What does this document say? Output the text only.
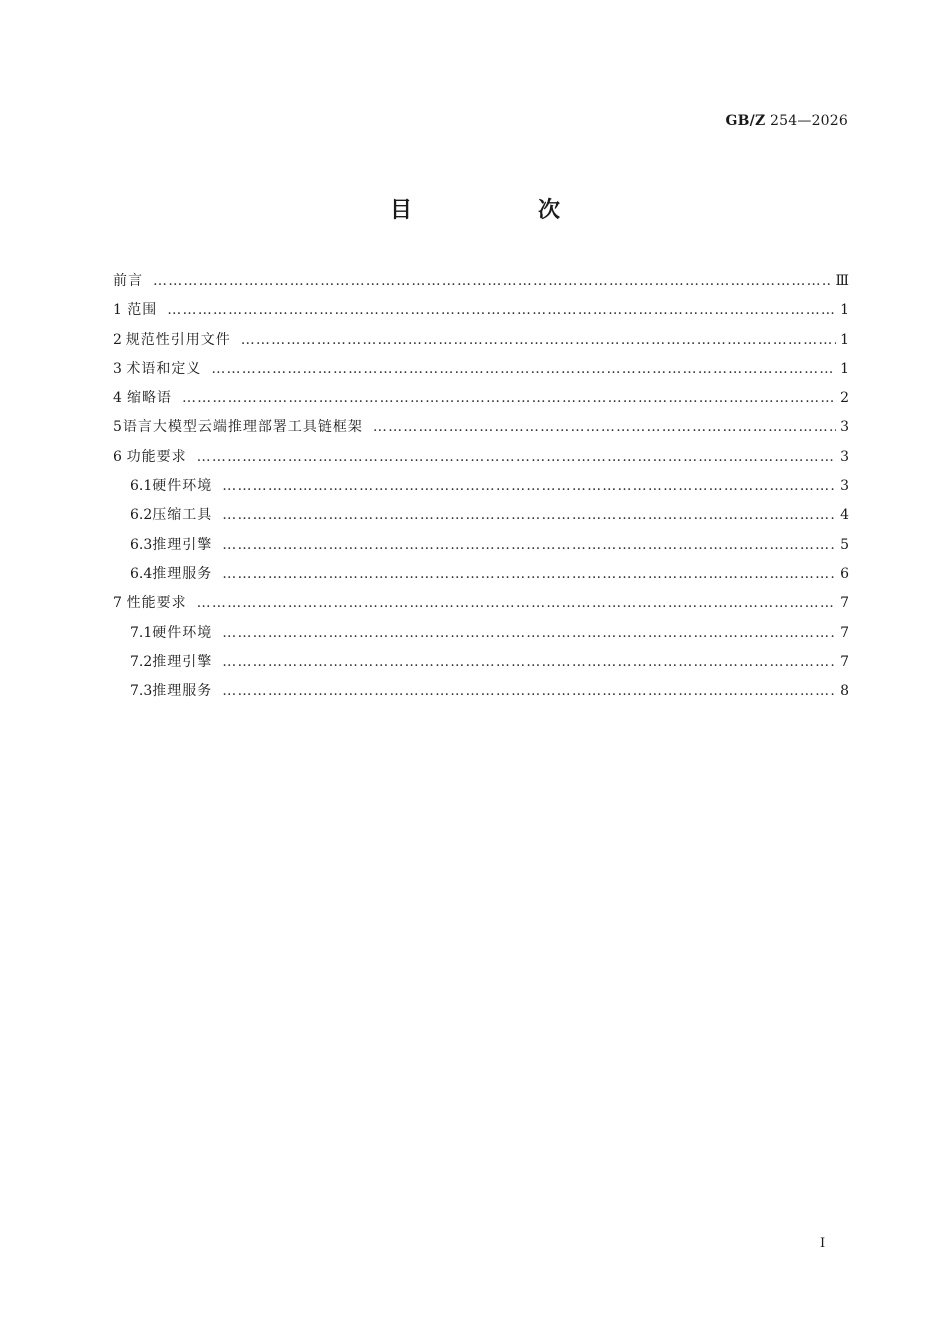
GB/Z 254—2026
目　次
前言 ……………………………………………………………………………………………………………………………………………………………………………………………………………………	Ⅲ
1 范围 ……………………………………………………………………………………………………………………………………………………………………………………………………………………	1
2 规范性引用文件 ……………………………………………………………………………………………………………………………………………………………………………………………………………………	1
3 术语和定义 ……………………………………………………………………………………………………………………………………………………………………………………………………………………	1
4 缩略语 ……………………………………………………………………………………………………………………………………………………………………………………………………………………	2
5 语言大模型云端推理部署工具链框架 ……………………………………………………………………………………………………………………………………………………………………………………………………………………	3
6 功能要求 ……………………………………………………………………………………………………………………………………………………………………………………………………………………	3
6.1 硬件环境 ……………………………………………………………………………………………………………………………………………………………………………………………………………………	3
6.2 压缩工具 ……………………………………………………………………………………………………………………………………………………………………………………………………………………	4
6.3 推理引擎 ……………………………………………………………………………………………………………………………………………………………………………………………………………………	5
6.4 推理服务 ……………………………………………………………………………………………………………………………………………………………………………………………………………………	6
7 性能要求 ……………………………………………………………………………………………………………………………………………………………………………………………………………………	7
7.1 硬件环境 ……………………………………………………………………………………………………………………………………………………………………………………………………………………	7
7.2 推理引擎 ……………………………………………………………………………………………………………………………………………………………………………………………………………………	7
7.3 推理服务 ……………………………………………………………………………………………………………………………………………………………………………………………………………………	8
I
